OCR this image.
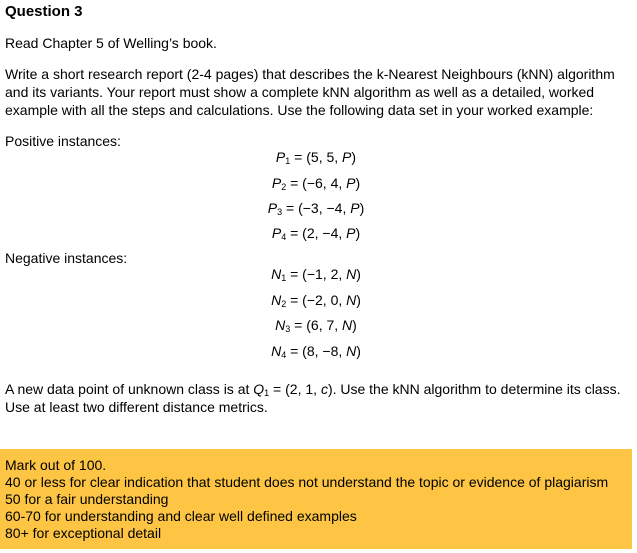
Question 3
Read Chapter 5 of Welling’s book.
Write a short research report (2-4 pages) that describes the k-Nearest Neighbours (kNN) algorithm
and its variants. Your report must show a complete kNN algorithm as well as a detailed, worked
example with all the steps and calculations. Use the following data set in your worked example:
Positive instances:
$P_1 = (5$, 5, P)
$P_2 = (-6$, 4, P)
$P_3 = (-3$, −4, P)
$P_4 = (2$, −4, P)
Negative instances:
$N_1 = (-1$, 2, N)
$N_2 = (-2$, 0, N)
$N_3 = (6$, 7, N)
$N_4 = (8$, −8, N)
A new data point of unknown class is at $Q_1 = (2$, 1, c). Use the kNN algorithm to determine its class.
Use at least two different distance metrics.
Mark out of 100.
40 or less for clear indication that student does not understand the topic or evidence of plagiarism
50 for a fair understanding
60-70 for understanding and clear well defined examples
80+ for exceptional detail
